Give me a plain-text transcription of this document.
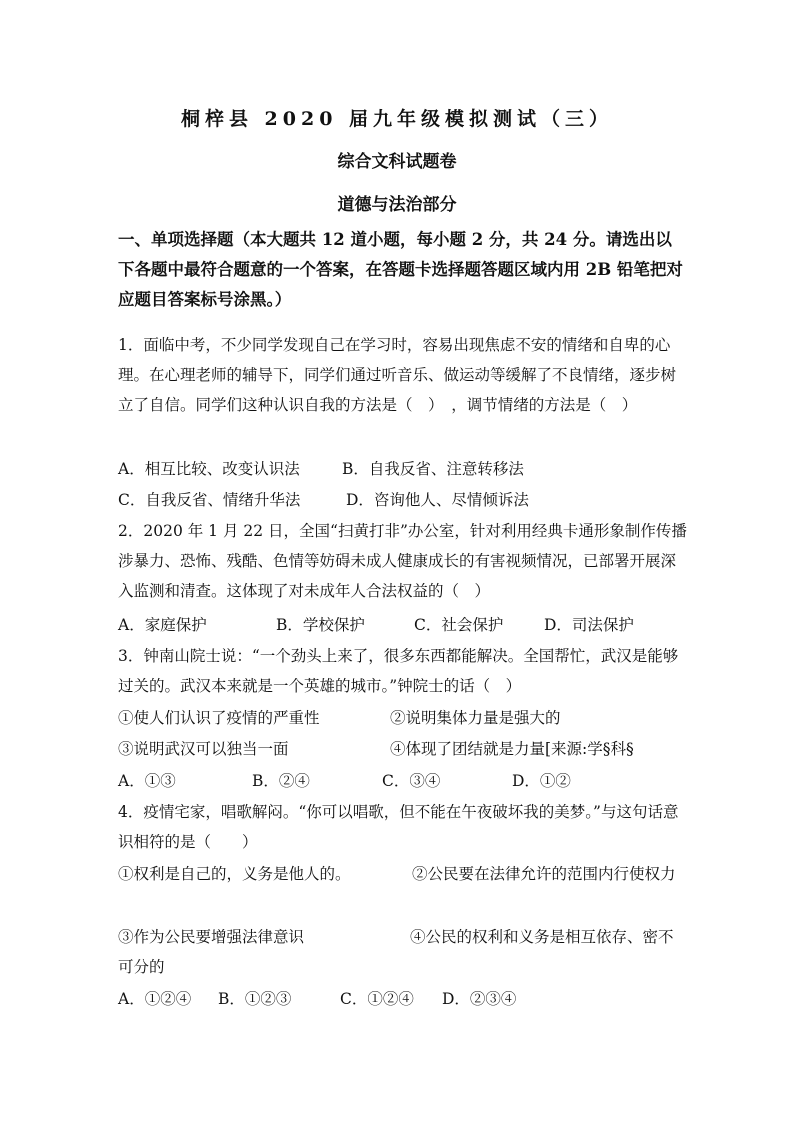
桐梓县 2020 届九年级模拟测试（三）
综合文科试题卷
道德与法治部分
一、单项选择题（本大题共 12 道小题，每小题 2 分，共 24 分。请选出以下各题中最符合题意的一个答案，在答题卡选择题答题区域内用 2B 铅笔把对应题目答案标号涂黑。）
1．面临中考，不少同学发现自己在学习时，容易出现焦虑不安的情绪和自卑的心理。在心理老师的辅导下，同学们通过听音乐、做运动等缓解了不良情绪，逐步树立了自信。同学们这种认识自我的方法是（　）　，调节情绪的方法是（　）
A．相互比较、改变认识法	B．自我反省、注意转移法
C．自我反省、情绪升华法	D．咨询他人、尽情倾诉法
2．2020 年 1 月 22 日，全国“扫黄打非”办公室，针对利用经典卡通形象制作传播涉暴力、恐怖、残酷、色情等妨碍未成人健康成长的有害视频情况，已部署开展深入监测和清查。这体现了对未成年人合法权益的（　）
A．家庭保护	B．学校保护	C．社会保护	D．司法保护
3．钟南山院士说：“一个劲头上来了，很多东西都能解决。全国帮忙，武汉是能够过关的。武汉本来就是一个英雄的城市。”钟院士的话（　）
①使人们认识了疫情的严重性	②说明集体力量是强大的
③说明武汉可以独当一面	④体现了团结就是力量[来源:学§科§
A．①③	B．②④	C．③④	D．①②
4．疫情宅家，唱歌解闷。“你可以唱歌，但不能在午夜破坏我的美梦。”与这句话意识相符的是（　　）
①权利是自己的，义务是他人的。	②公民要在法律允许的范围内行使权力
③作为公民要增强法律意识	④公民的权利和义务是相互依存、密不可分的
A．①②④ B．①②③	C．①②④ D．②③④
